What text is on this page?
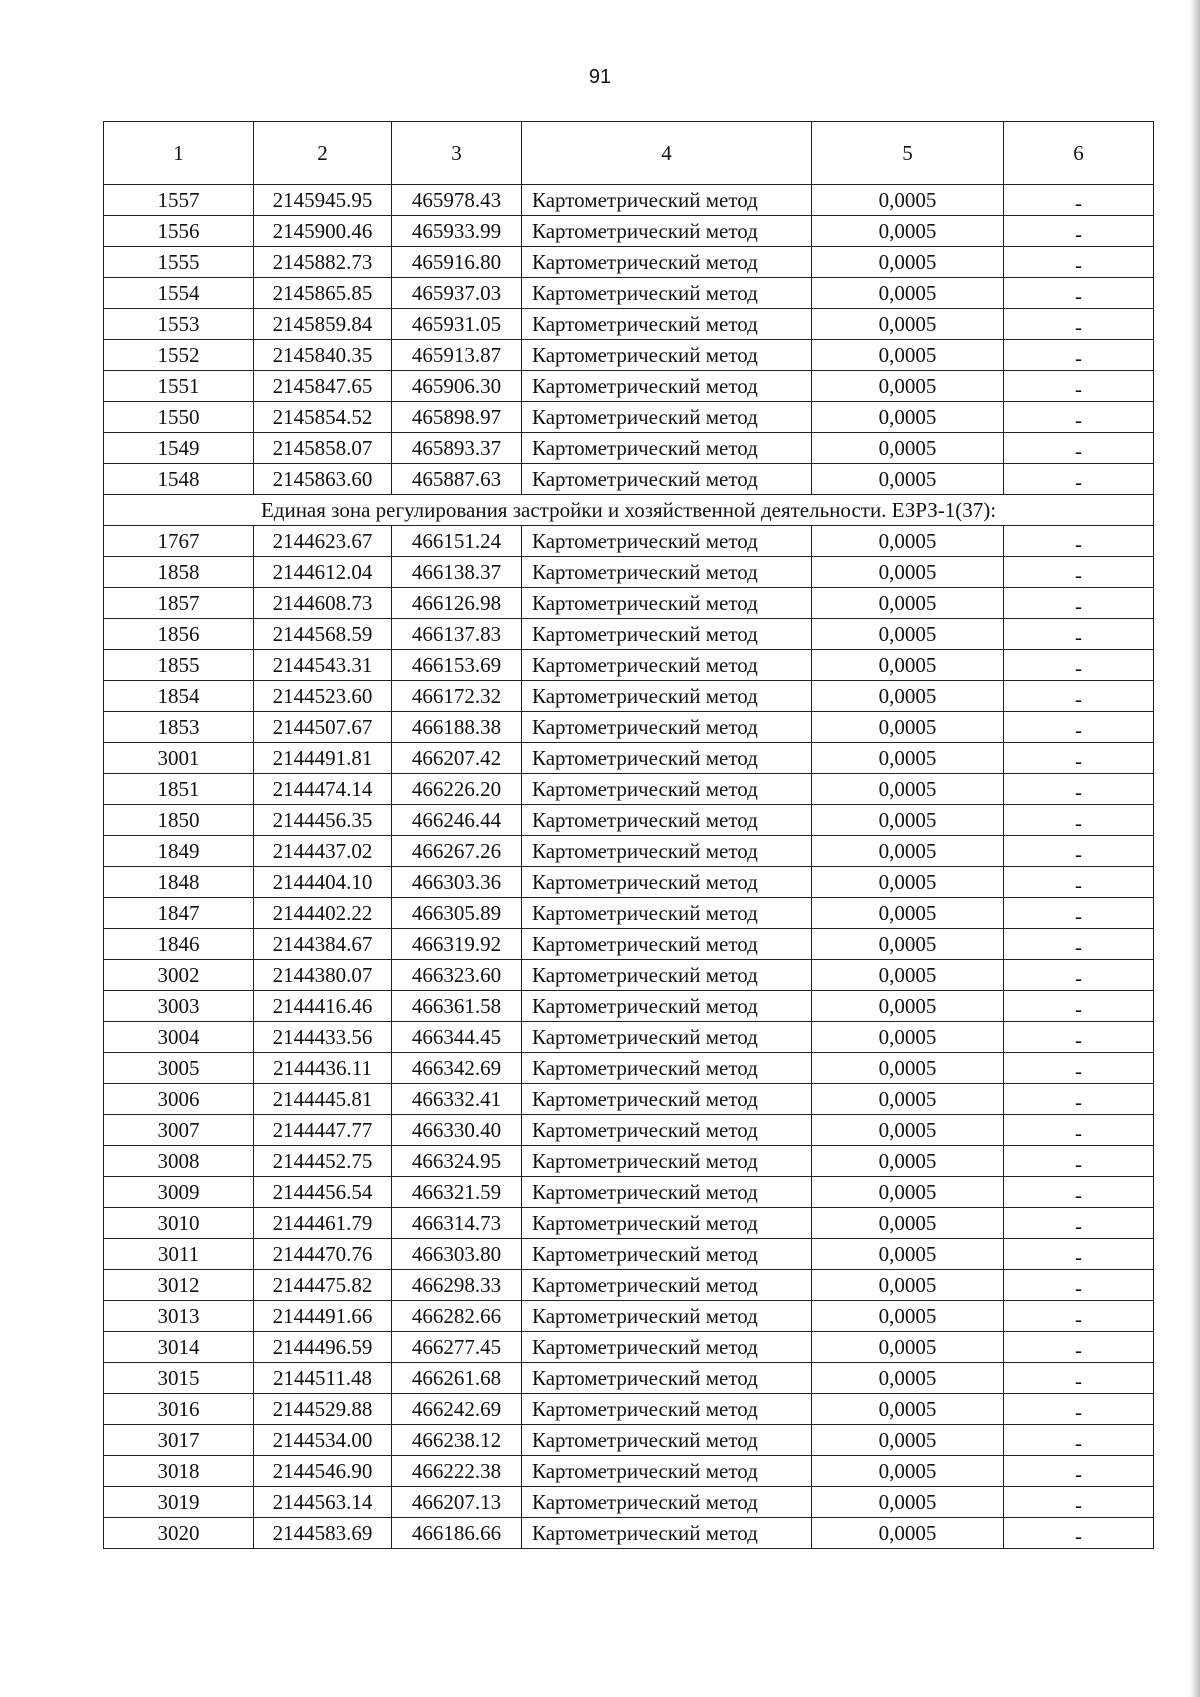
91
1	2	3	4	5	6
1557	2145945.95	465978.43	Картометрический метод	0,0005	-
1556	2145900.46	465933.99	Картометрический метод	0,0005	-
1555	2145882.73	465916.80	Картометрический метод	0,0005	-
1554	2145865.85	465937.03	Картометрический метод	0,0005	-
1553	2145859.84	465931.05	Картометрический метод	0,0005	-
1552	2145840.35	465913.87	Картометрический метод	0,0005	-
1551	2145847.65	465906.30	Картометрический метод	0,0005	-
1550	2145854.52	465898.97	Картометрический метод	0,0005	-
1549	2145858.07	465893.37	Картометрический метод	0,0005	-
1548	2145863.60	465887.63	Картометрический метод	0,0005	-
Единая зона регулирования застройки и хозяйственной деятельности. ЕЗРЗ-1(37):					
1767	2144623.67	466151.24	Картометрический метод	0,0005	-
1858	2144612.04	466138.37	Картометрический метод	0,0005	-
1857	2144608.73	466126.98	Картометрический метод	0,0005	-
1856	2144568.59	466137.83	Картометрический метод	0,0005	-
1855	2144543.31	466153.69	Картометрический метод	0,0005	-
1854	2144523.60	466172.32	Картометрический метод	0,0005	-
1853	2144507.67	466188.38	Картометрический метод	0,0005	-
3001	2144491.81	466207.42	Картометрический метод	0,0005	-
1851	2144474.14	466226.20	Картометрический метод	0,0005	-
1850	2144456.35	466246.44	Картометрический метод	0,0005	-
1849	2144437.02	466267.26	Картометрический метод	0,0005	-
1848	2144404.10	466303.36	Картометрический метод	0,0005	-
1847	2144402.22	466305.89	Картометрический метод	0,0005	-
1846	2144384.67	466319.92	Картометрический метод	0,0005	-
3002	2144380.07	466323.60	Картометрический метод	0,0005	-
3003	2144416.46	466361.58	Картометрический метод	0,0005	-
3004	2144433.56	466344.45	Картометрический метод	0,0005	-
3005	2144436.11	466342.69	Картометрический метод	0,0005	-
3006	2144445.81	466332.41	Картометрический метод	0,0005	-
3007	2144447.77	466330.40	Картометрический метод	0,0005	-
3008	2144452.75	466324.95	Картометрический метод	0,0005	-
3009	2144456.54	466321.59	Картометрический метод	0,0005	-
3010	2144461.79	466314.73	Картометрический метод	0,0005	-
3011	2144470.76	466303.80	Картометрический метод	0,0005	-
3012	2144475.82	466298.33	Картометрический метод	0,0005	-
3013	2144491.66	466282.66	Картометрический метод	0,0005	-
3014	2144496.59	466277.45	Картометрический метод	0,0005	-
3015	2144511.48	466261.68	Картометрический метод	0,0005	-
3016	2144529.88	466242.69	Картометрический метод	0,0005	-
3017	2144534.00	466238.12	Картометрический метод	0,0005	-
3018	2144546.90	466222.38	Картометрический метод	0,0005	-
3019	2144563.14	466207.13	Картометрический метод	0,0005	-
3020	2144583.69	466186.66	Картометрический метод	0,0005	-
